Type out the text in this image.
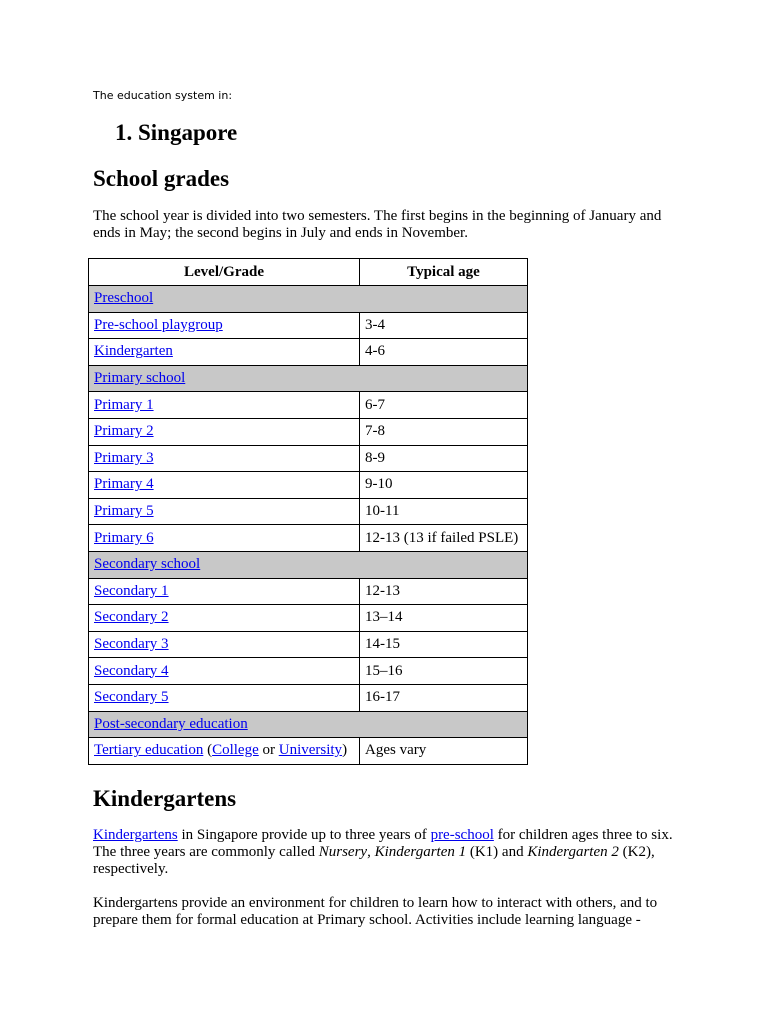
The education system in:
1. Singapore
School grades

The school year is divided into two semesters. The first begins in the beginning of January and ends in May; the second begins in July and ends in November.

Level/Grade	Typical age
Preschool	
Pre-school playgroup	3-4
Kindergarten	4-6
Primary school	
Primary 1	6-7
Primary 2	7-8
Primary 3	8-9
Primary 4	9-10
Primary 5	10-11
Primary 6	12-13 (13 if failed PSLE)
Secondary school	
Secondary 1	12-13
Secondary 2	13–14
Secondary 3	14-15
Secondary 4	15–16
Secondary 5	16-17
Post-secondary education	
Tertiary education (College or University)	Ages vary
Kindergartens

Kindergartens in Singapore provide up to three years of pre-school for children ages three to six. The three years are commonly called Nursery, Kindergarten 1 (K1) and Kindergarten 2 (K2), respectively.

Kindergartens provide an environment for children to learn how to interact with others, and to prepare them for formal education at Primary school. Activities include learning language -
